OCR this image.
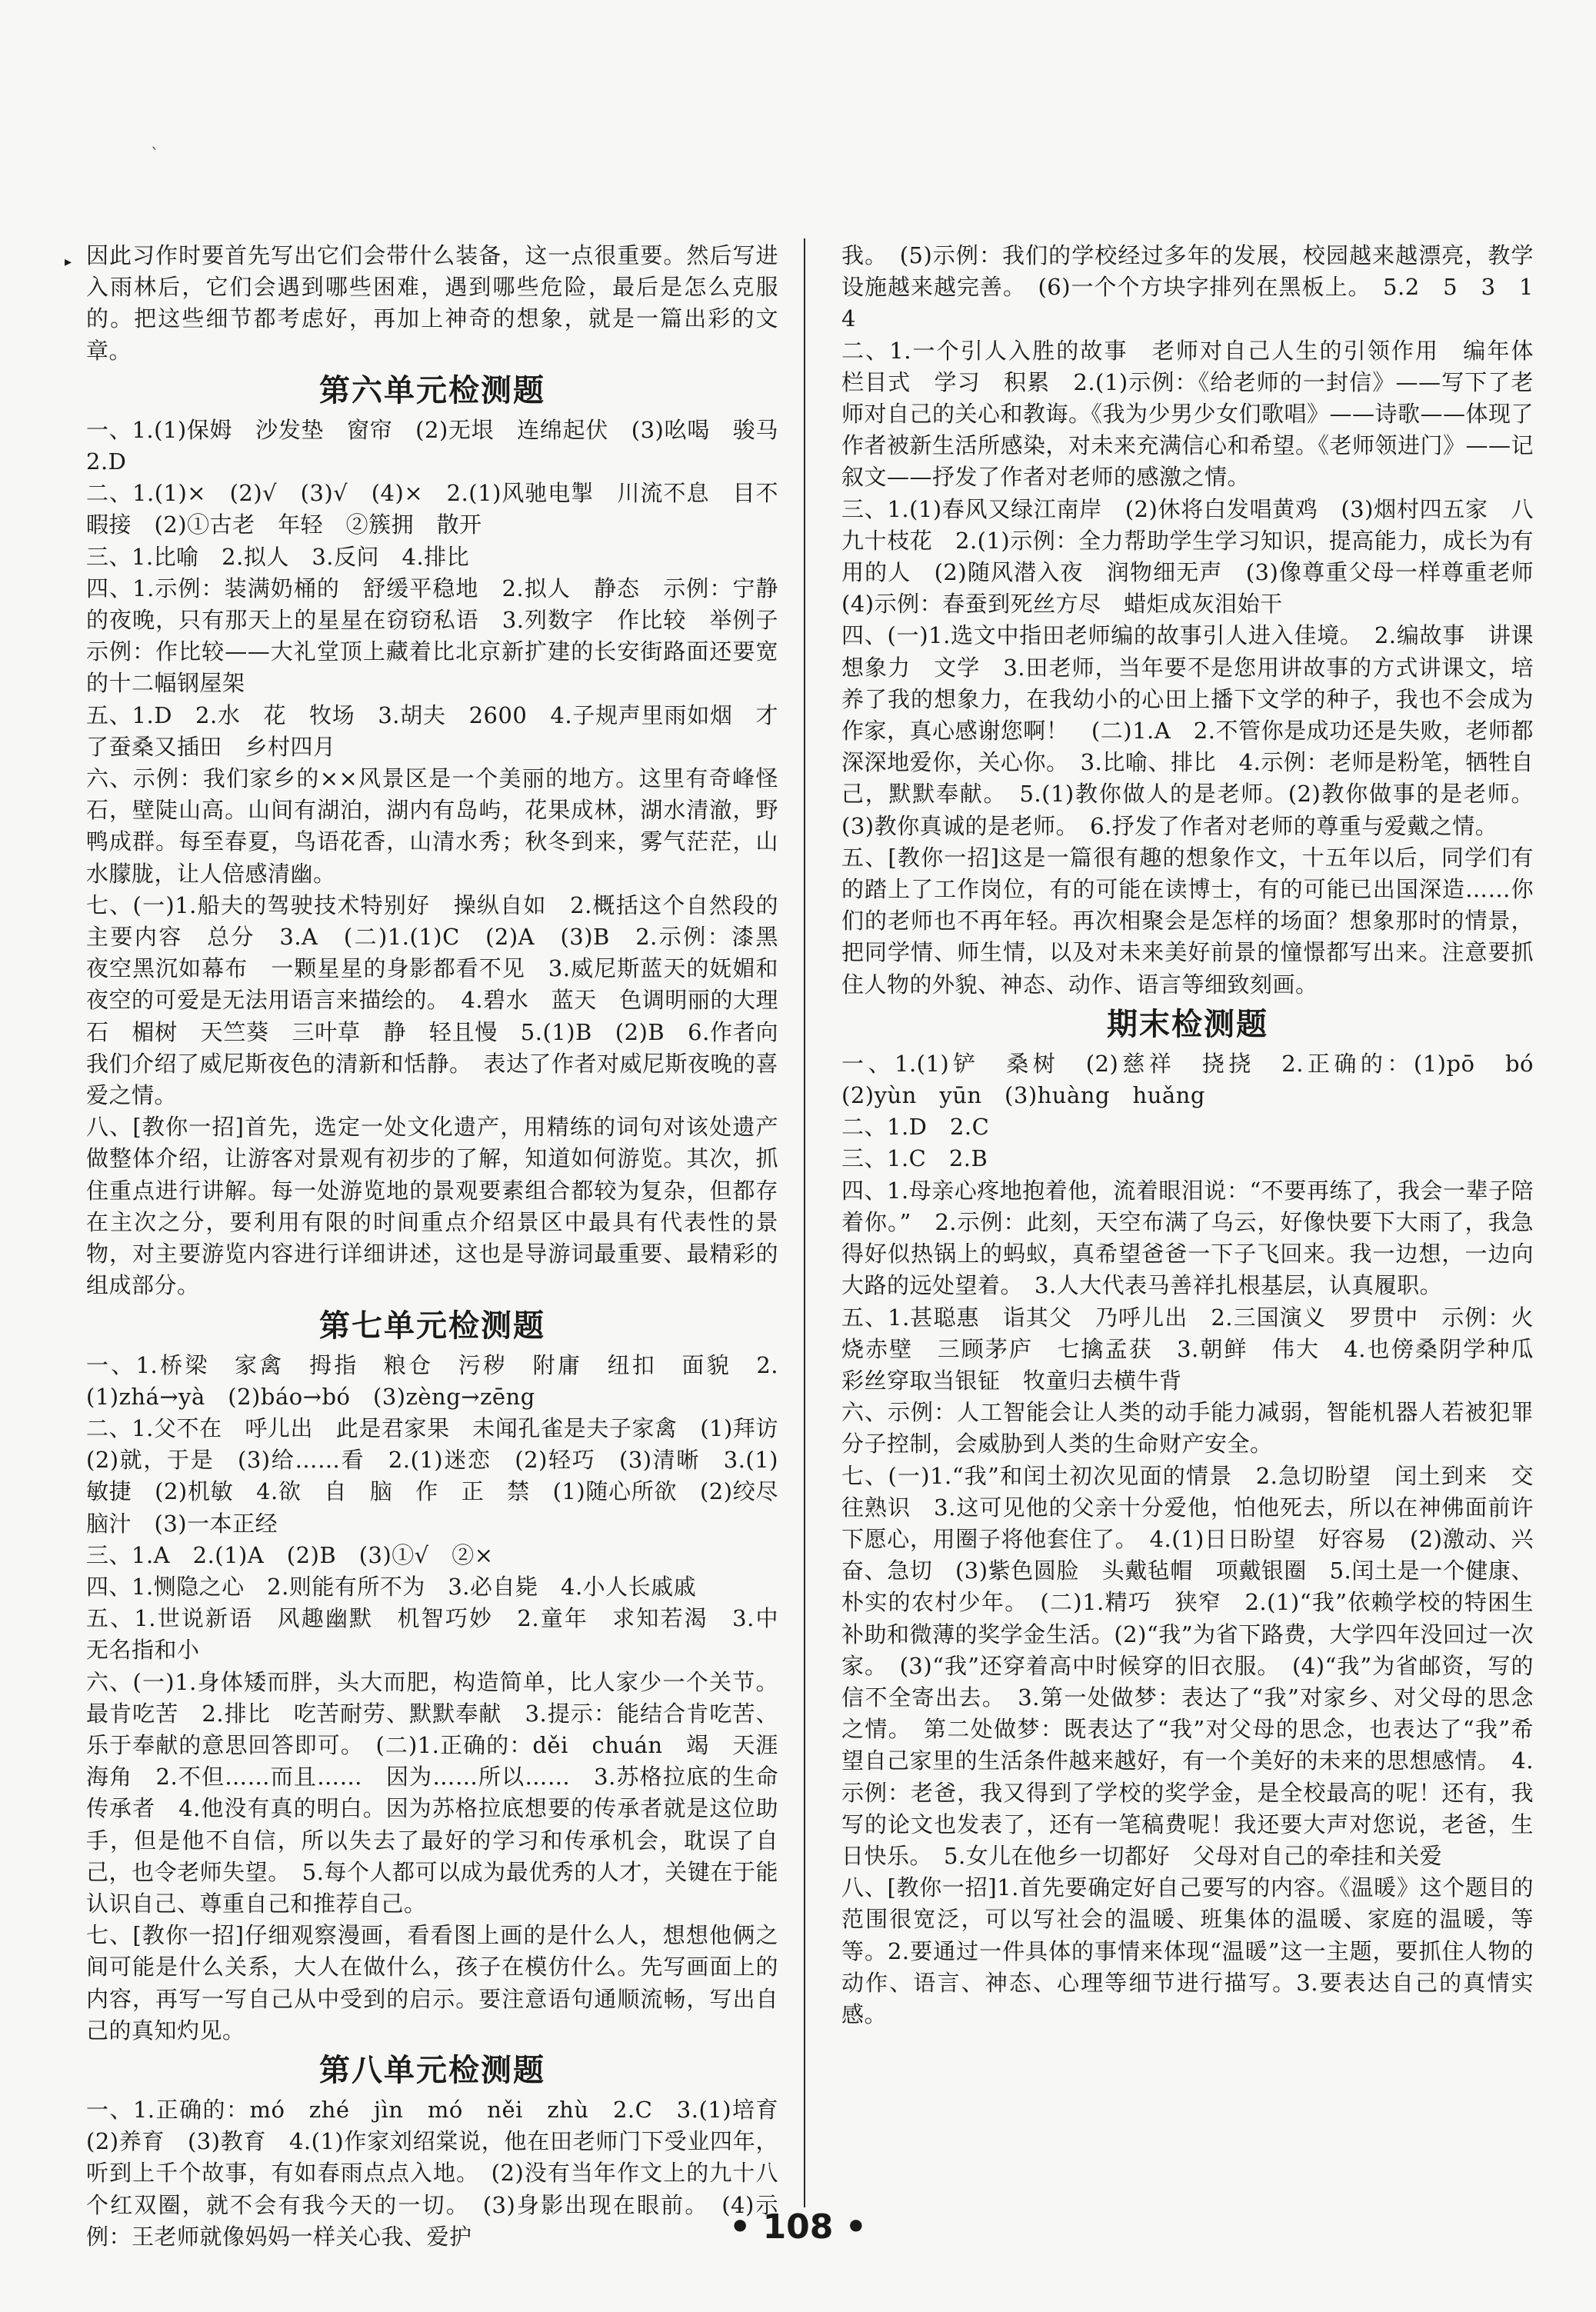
`
▸ 因此习作时要首先写出它们会带什么装备，这一点很重要。然后写进入雨林后，它们会遇到哪些困难，遇到哪些危险，最后是怎么克服的。把这些细节都考虑好，再加上神奇的想象，就是一篇出彩的文章。

第六单元检测题

一、1.(1)保姆　沙发垫　窗帘　(2)无垠　连绵起伏　(3)吆喝　骏马　2.D

二、1.(1)×　(2)√　(3)√　(4)×　2.(1)风驰电掣　川流不息　目不暇接　(2)①古老　年轻　②簇拥　散开

三、1.比喻　2.拟人　3.反问　4.排比

四、1.示例：装满奶桶的　舒缓平稳地　2.拟人　静态　示例：宁静的夜晚，只有那天上的星星在窃窃私语　3.列数字　作比较　举例子　示例：作比较——大礼堂顶上藏着比北京新扩建的长安街路面还要宽的十二幅钢屋架

五、1.D　2.水　花　牧场　3.胡夫　2600　4.子规声里雨如烟　才了蚕桑又插田　乡村四月

六、示例：我们家乡的××风景区是一个美丽的地方。这里有奇峰怪石，壁陡山高。山间有湖泊，湖内有岛屿，花果成林，湖水清澈，野鸭成群。每至春夏，鸟语花香，山清水秀；秋冬到来，雾气茫茫，山水朦胧，让人倍感清幽。

七、(一)1.船夫的驾驶技术特别好　操纵自如　2.概括这个自然段的主要内容　总分　3.A　(二)1.(1)C　(2)A　(3)B　2.示例：漆黑　夜空黑沉如幕布　一颗星星的身影都看不见　3.威尼斯蓝天的妩媚和夜空的可爱是无法用语言来描绘的。　4.碧水　蓝天　色调明丽的大理石　楣树　天竺葵　三叶草　静　轻且慢　5.(1)B　(2)B　6.作者向我们介绍了威尼斯夜色的清新和恬静。　表达了作者对威尼斯夜晚的喜爱之情。

八、[教你一招]首先，选定一处文化遗产，用精练的词句对该处遗产做整体介绍，让游客对景观有初步的了解，知道如何游览。其次，抓住重点进行讲解。每一处游览地的景观要素组合都较为复杂，但都存在主次之分，要利用有限的时间重点介绍景区中最具有代表性的景物，对主要游览内容进行详细讲述，这也是导游词最重要、最精彩的组成部分。

第七单元检测题

一、1.桥梁　家禽　拇指　粮仓　污秽　附庸　纽扣　面貌　2.(1)zhá→yà　(2)báo→bó　(3)zèng→zēng

二、1.父不在　呼儿出　此是君家果　未闻孔雀是夫子家禽　(1)拜访　(2)就，于是　(3)给……看　2.(1)迷恋　(2)轻巧　(3)清晰　3.(1)敏捷　(2)机敏　4.欲　自　脑　作　正　禁　(1)随心所欲　(2)绞尽脑汁　(3)一本正经

三、1.A　2.(1)A　(2)B　(3)①√　②×

四、1.恻隐之心　2.则能有所不为　3.必自毙　4.小人长戚戚

五、1.世说新语　风趣幽默　机智巧妙　2.童年　求知若渴　3.中　无名指和小

六、(一)1.身体矮而胖，头大而肥，构造简单，比人家少一个关节。最肯吃苦　2.排比　吃苦耐劳、默默奉献　3.提示：能结合肯吃苦、乐于奉献的意思回答即可。　(二)1.正确的：děi　chuán　竭　天涯海角　2.不但……而且……　因为……所以……　3.苏格拉底的生命　传承者　4.他没有真的明白。因为苏格拉底想要的传承者就是这位助手，但是他不自信，所以失去了最好的学习和传承机会，耽误了自己，也令老师失望。　5.每个人都可以成为最优秀的人才，关键在于能认识自己、尊重自己和推荐自己。

七、[教你一招]仔细观察漫画，看看图上画的是什么人，想想他俩之间可能是什么关系，大人在做什么，孩子在模仿什么。先写画面上的内容，再写一写自己从中受到的启示。要注意语句通顺流畅，写出自己的真知灼见。

第八单元检测题

一、1.正确的：mó　zhé　jìn　mó　něi　zhù　2.C　3.(1)培育　(2)养育　(3)教育　4.(1)作家刘绍棠说，他在田老师门下受业四年，听到上千个故事，有如春雨点点入地。　(2)没有当年作文上的九十八个红双圈，就不会有我今天的一切。　(3)身影出现在眼前。　(4)示例：王老师就像妈妈一样关心我、爱护

我。　(5)示例：我们的学校经过多年的发展，校园越来越漂亮，教学设施越来越完善。　(6)一个个方块字排列在黑板上。　5.2　5　3　1　4

二、1.一个引人入胜的故事　老师对自己人生的引领作用　编年体　栏目式　学习　积累　2.(1)示例：《给老师的一封信》——写下了老师对自己的关心和教诲。《我为少男少女们歌唱》——诗歌——体现了作者被新生活所感染，对未来充满信心和希望。《老师领进门》——记叙文——抒发了作者对老师的感激之情。

三、1.(1)春风又绿江南岸　(2)休将白发唱黄鸡　(3)烟村四五家　八九十枝花　2.(1)示例：全力帮助学生学习知识，提高能力，成长为有用的人　(2)随风潜入夜　润物细无声　(3)像尊重父母一样尊重老师　(4)示例：春蚕到死丝方尽　蜡炬成灰泪始干

四、(一)1.选文中指田老师编的故事引人进入佳境。　2.编故事　讲课　想象力　文学　3.田老师，当年要不是您用讲故事的方式讲课文，培养了我的想象力，在我幼小的心田上播下文学的种子，我也不会成为作家，真心感谢您啊！　(二)1.A　2.不管你是成功还是失败，老师都深深地爱你，关心你。　3.比喻、排比　4.示例：老师是粉笔，牺牲自己，默默奉献。　5.(1)教你做人的是老师。(2)教你做事的是老师。(3)教你真诚的是老师。　6.抒发了作者对老师的尊重与爱戴之情。

五、[教你一招]这是一篇很有趣的想象作文，十五年以后，同学们有的踏上了工作岗位，有的可能在读博士，有的可能已出国深造……你们的老师也不再年轻。再次相聚会是怎样的场面？想象那时的情景，把同学情、师生情，以及对未来美好前景的憧憬都写出来。注意要抓住人物的外貌、神态、动作、语言等细致刻画。

期末检测题

一、1.(1)铲　桑树　(2)慈祥　挠挠　2.正确的：(1)pō　bó　(2)yùn　yūn　(3)huàng　huǎng

二、1.D　2.C

三、1.C　2.B

四、1.母亲心疼地抱着他，流着眼泪说：“不要再练了，我会一辈子陪着你。”　2.示例：此刻，天空布满了乌云，好像快要下大雨了，我急得好似热锅上的蚂蚁，真希望爸爸一下子飞回来。我一边想，一边向大路的远处望着。　3.人大代表马善祥扎根基层，认真履职。

五、1.甚聪惠　诣其父　乃呼儿出　2.三国演义　罗贯中　示例：火烧赤壁　三顾茅庐　七擒孟获　3.朝鲜　伟大　4.也傍桑阴学种瓜　彩丝穿取当银钲　牧童归去横牛背

六、示例：人工智能会让人类的动手能力减弱，智能机器人若被犯罪分子控制，会威胁到人类的生命财产安全。

七、(一)1.“我”和闰土初次见面的情景　2.急切盼望　闰土到来　交往熟识　3.这可见他的父亲十分爱他，怕他死去，所以在神佛面前许下愿心，用圈子将他套住了。　4.(1)日日盼望　好容易　(2)激动、兴奋、急切　(3)紫色圆脸　头戴毡帽　项戴银圈　5.闰土是一个健康、朴实的农村少年。　(二)1.精巧　狭窄　2.(1)“我”依赖学校的特困生补助和微薄的奖学金生活。(2)“我”为省下路费，大学四年没回过一次家。　(3)“我”还穿着高中时候穿的旧衣服。　(4)“我”为省邮资，写的信不全寄出去。　3.第一处做梦：表达了“我”对家乡、对父母的思念之情。　第二处做梦：既表达了“我”对父母的思念，也表达了“我”希望自己家里的生活条件越来越好，有一个美好的未来的思想感情。　4.示例：老爸，我又得到了学校的奖学金，是全校最高的呢！还有，我写的论文也发表了，还有一笔稿费呢！我还要大声对您说，老爸，生日快乐。　5.女儿在他乡一切都好　父母对自己的牵挂和关爱

八、[教你一招]1.首先要确定好自己要写的内容。《温暖》这个题目的范围很宽泛，可以写社会的温暖、班集体的温暖、家庭的温暖，等等。2.要通过一件具体的事情来体现“温暖”这一主题，要抓住人物的动作、语言、神态、心理等细节进行描写。3.要表达自己的真情实感。

• 108 •
